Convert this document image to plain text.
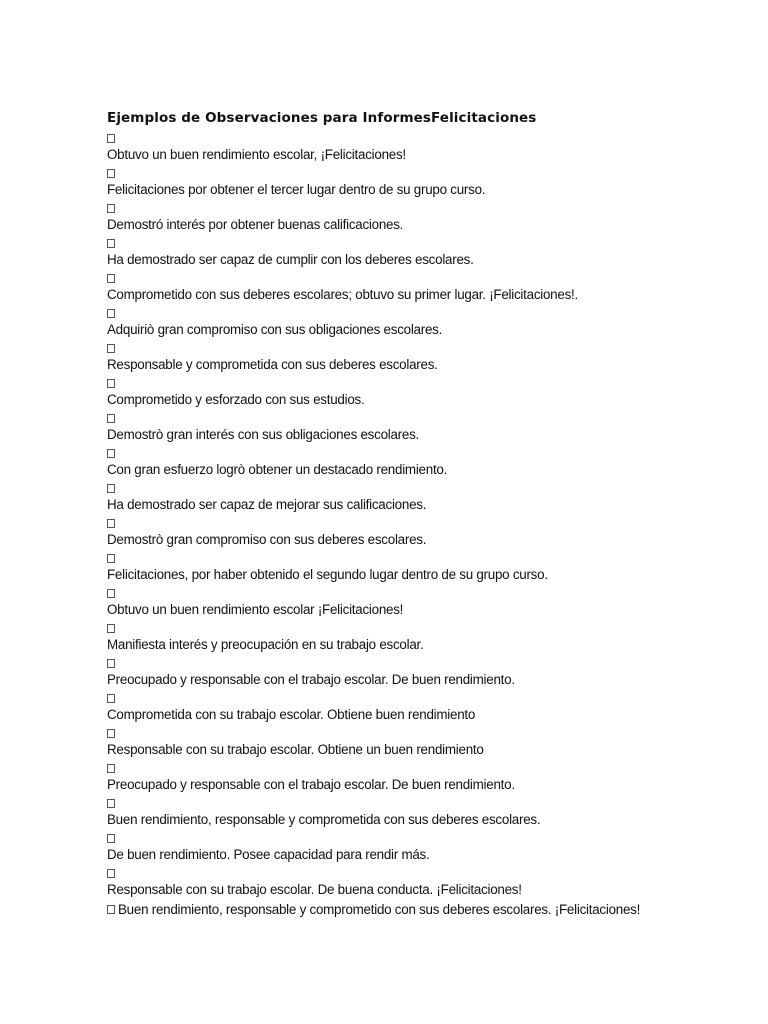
Ejemplos de Observaciones para InformesFelicitaciones
Obtuvo un buen rendimiento escolar, ¡Felicitaciones!
Felicitaciones por obtener el tercer lugar dentro de su grupo curso.
Demostró interés por obtener buenas calificaciones.
Ha demostrado ser capaz de cumplir con los deberes escolares.
Comprometido con sus deberes escolares; obtuvo su primer lugar. ¡Felicitaciones!.
Adquiriò gran compromiso con sus obligaciones escolares.
Responsable y comprometida con sus deberes escolares.
Comprometido y esforzado con sus estudios.
Demostrò gran interés con sus obligaciones escolares.
Con gran esfuerzo logrò obtener un destacado rendimiento.
Ha demostrado ser capaz de mejorar sus calificaciones.
Demostrò gran compromiso con sus deberes escolares.
Felicitaciones, por haber obtenido el segundo lugar dentro de su grupo curso.
Obtuvo un buen rendimiento escolar ¡Felicitaciones!
Manifiesta interés y preocupación en su trabajo escolar.
Preocupado y responsable con el trabajo escolar. De buen rendimiento.
Comprometida con su trabajo escolar. Obtiene buen rendimiento
Responsable con su trabajo escolar. Obtiene un buen rendimiento
Preocupado y responsable con el trabajo escolar. De buen rendimiento.
Buen rendimiento, responsable y comprometida con sus deberes escolares.
De buen rendimiento. Posee capacidad para rendir más.
Responsable con su trabajo escolar. De buena conducta. ¡Felicitaciones!
Buen rendimiento, responsable y comprometido con sus deberes escolares. ¡Felicitaciones!
